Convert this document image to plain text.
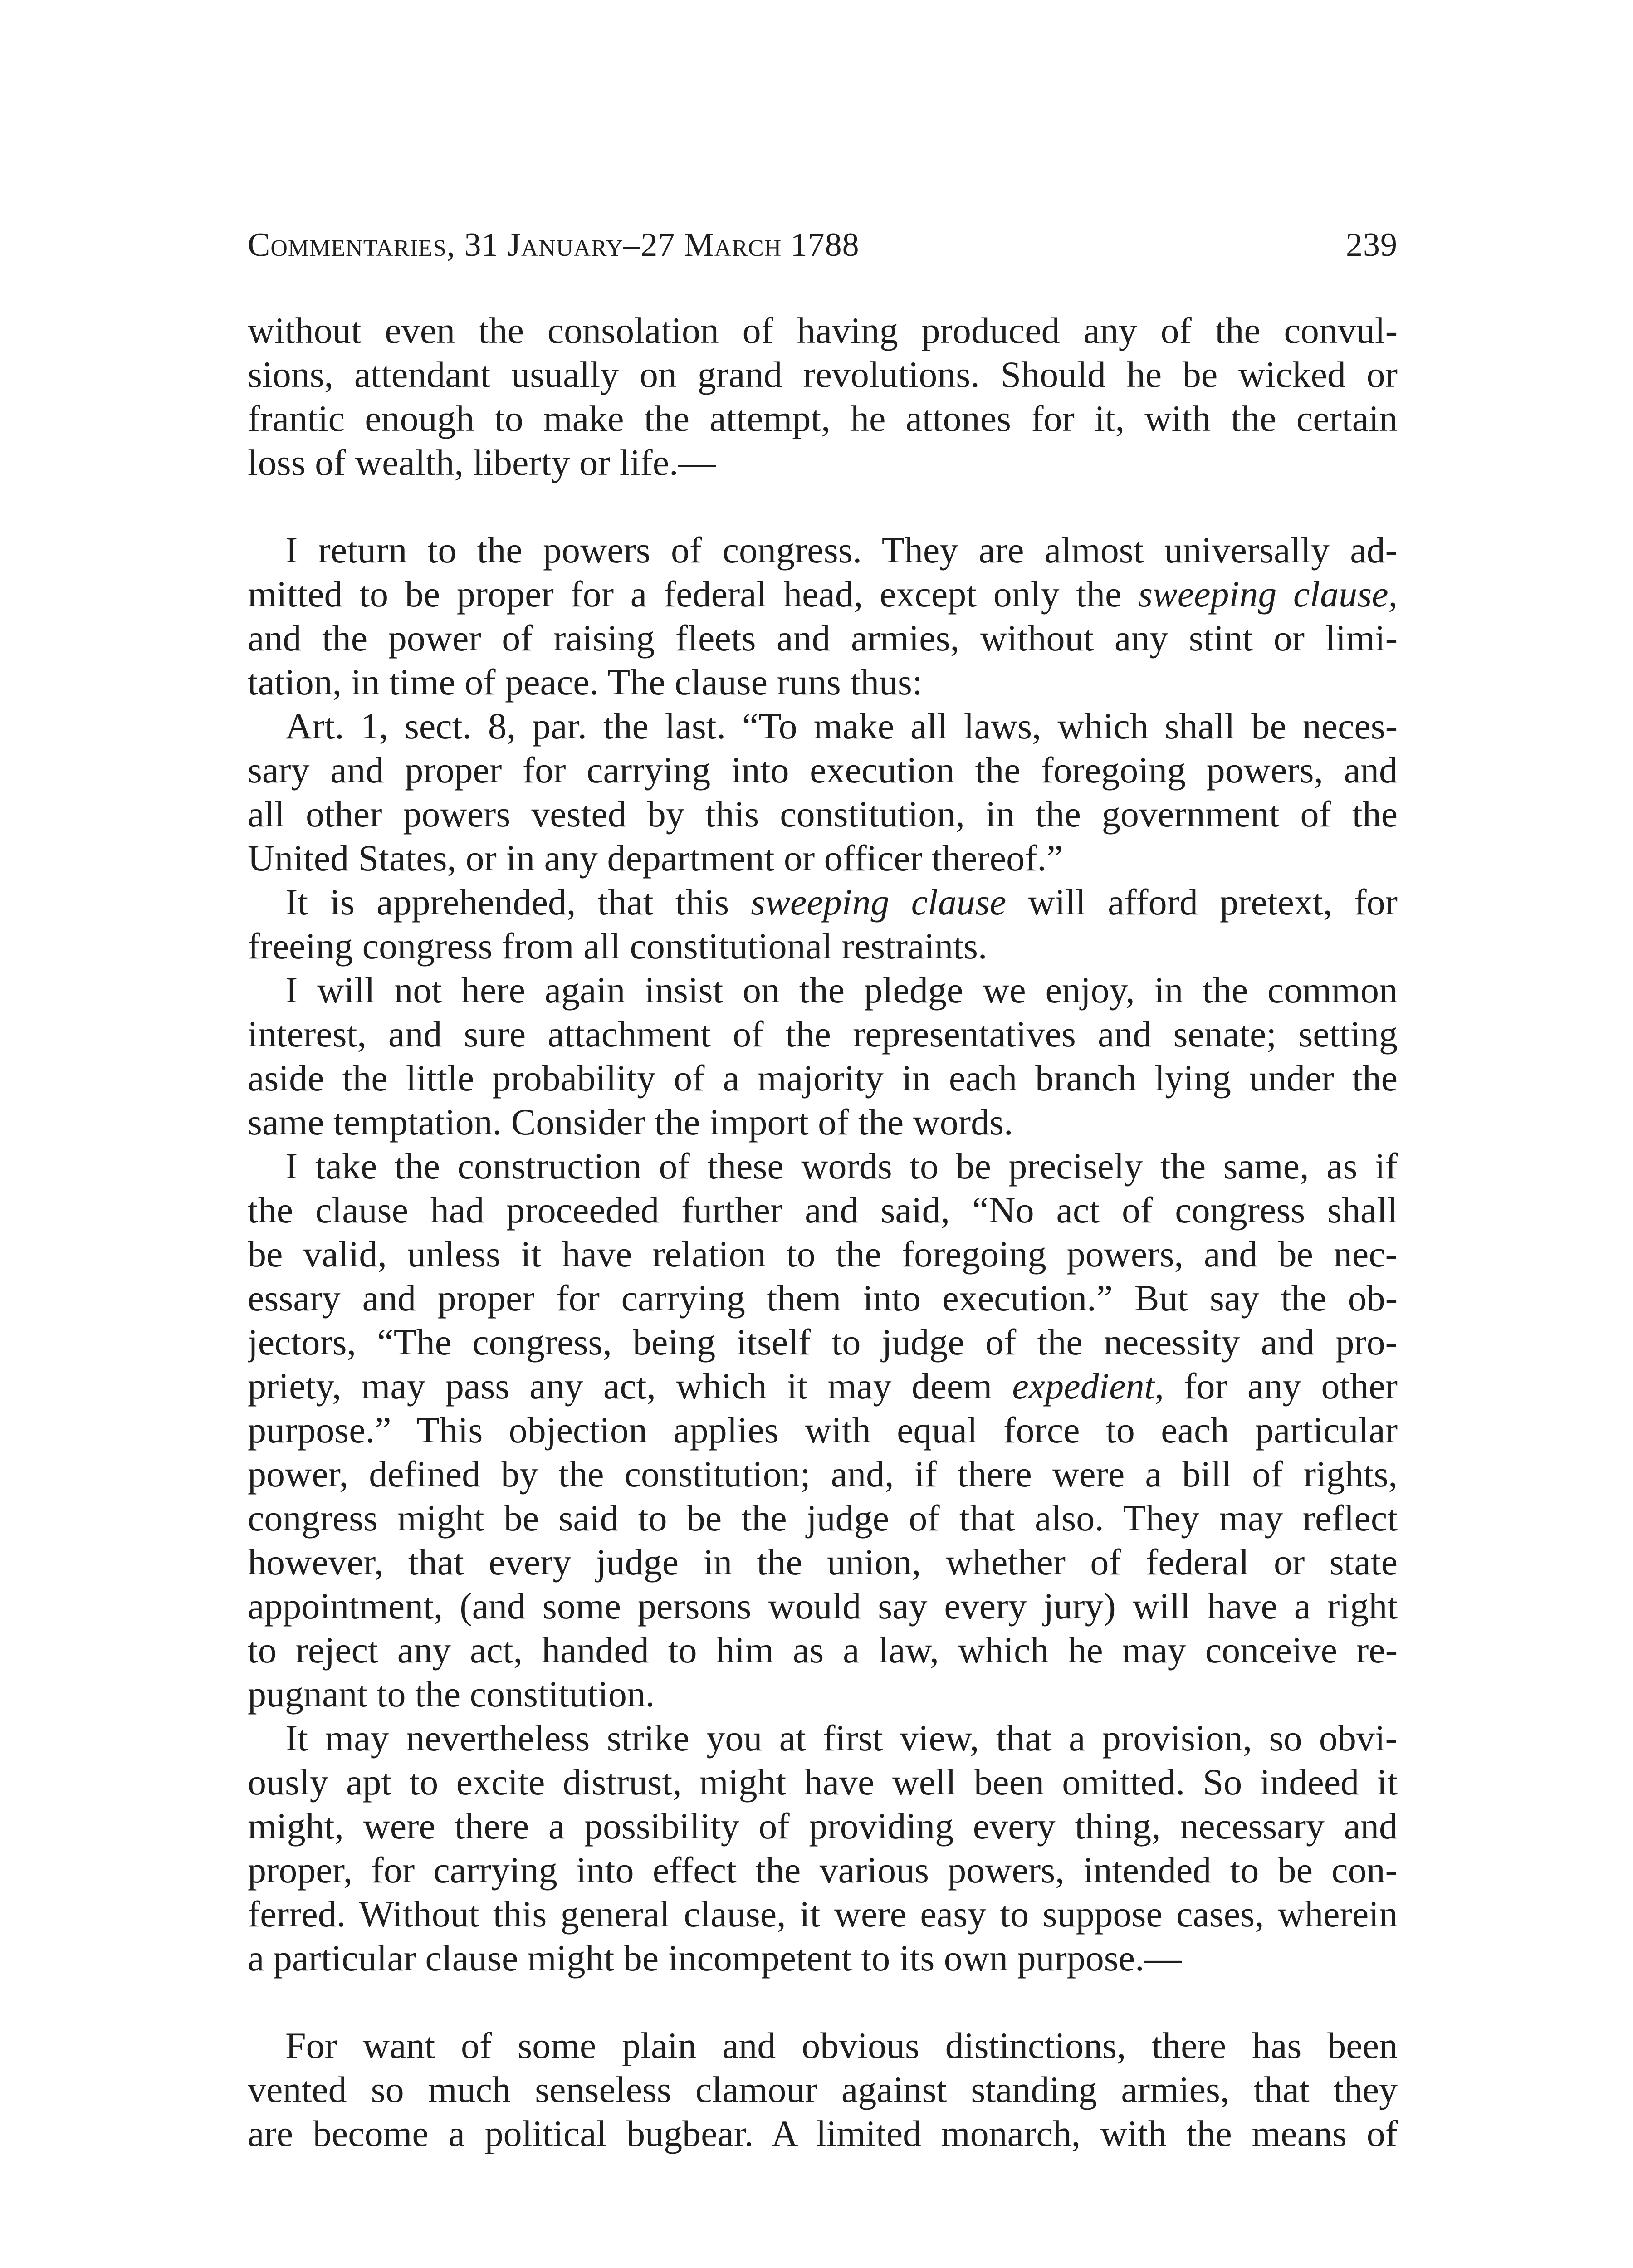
Commentaries, 31 January–27 March 1788	239
without even the consolation of having produced any of the convul-
sions, attendant usually on grand revolutions. Should he be wicked or
frantic enough to make the attempt, he attones for it, with the certain
loss of wealth, liberty or life.—
I return to the powers of congress. They are almost universally ad-
mitted to be proper for a federal head, except only the sweeping clause,
and the power of raising fleets and armies, without any stint or limi-
tation, in time of peace. The clause runs thus:
Art. 1, sect. 8, par. the last. “To make all laws, which shall be neces-
sary and proper for carrying into execution the foregoing powers, and
all other powers vested by this constitution, in the government of the
United States, or in any department or officer thereof.”
It is apprehended, that this sweeping clause will afford pretext, for
freeing congress from all constitutional restraints.
I will not here again insist on the pledge we enjoy, in the common
interest, and sure attachment of the representatives and senate; setting
aside the little probability of a majority in each branch lying under the
same temptation. Consider the import of the words.
I take the construction of these words to be precisely the same, as if
the clause had proceeded further and said, “No act of congress shall
be valid, unless it have relation to the foregoing powers, and be nec-
essary and proper for carrying them into execution.” But say the ob-
jectors, “The congress, being itself to judge of the necessity and pro-
priety, may pass any act, which it may deem expedient, for any other
purpose.” This objection applies with equal force to each particular
power, defined by the constitution; and, if there were a bill of rights,
congress might be said to be the judge of that also. They may reflect
however, that every judge in the union, whether of federal or state
appointment, (and some persons would say every jury) will have a right
to reject any act, handed to him as a law, which he may conceive re-
pugnant to the constitution.
It may nevertheless strike you at first view, that a provision, so obvi-
ously apt to excite distrust, might have well been omitted. So indeed it
might, were there a possibility of providing every thing, necessary and
proper, for carrying into effect the various powers, intended to be con-
ferred. Without this general clause, it were easy to suppose cases, wherein
a particular clause might be incompetent to its own purpose.—
For want of some plain and obvious distinctions, there has been
vented so much senseless clamour against standing armies, that they
are become a political bugbear. A limited monarch, with the means of
